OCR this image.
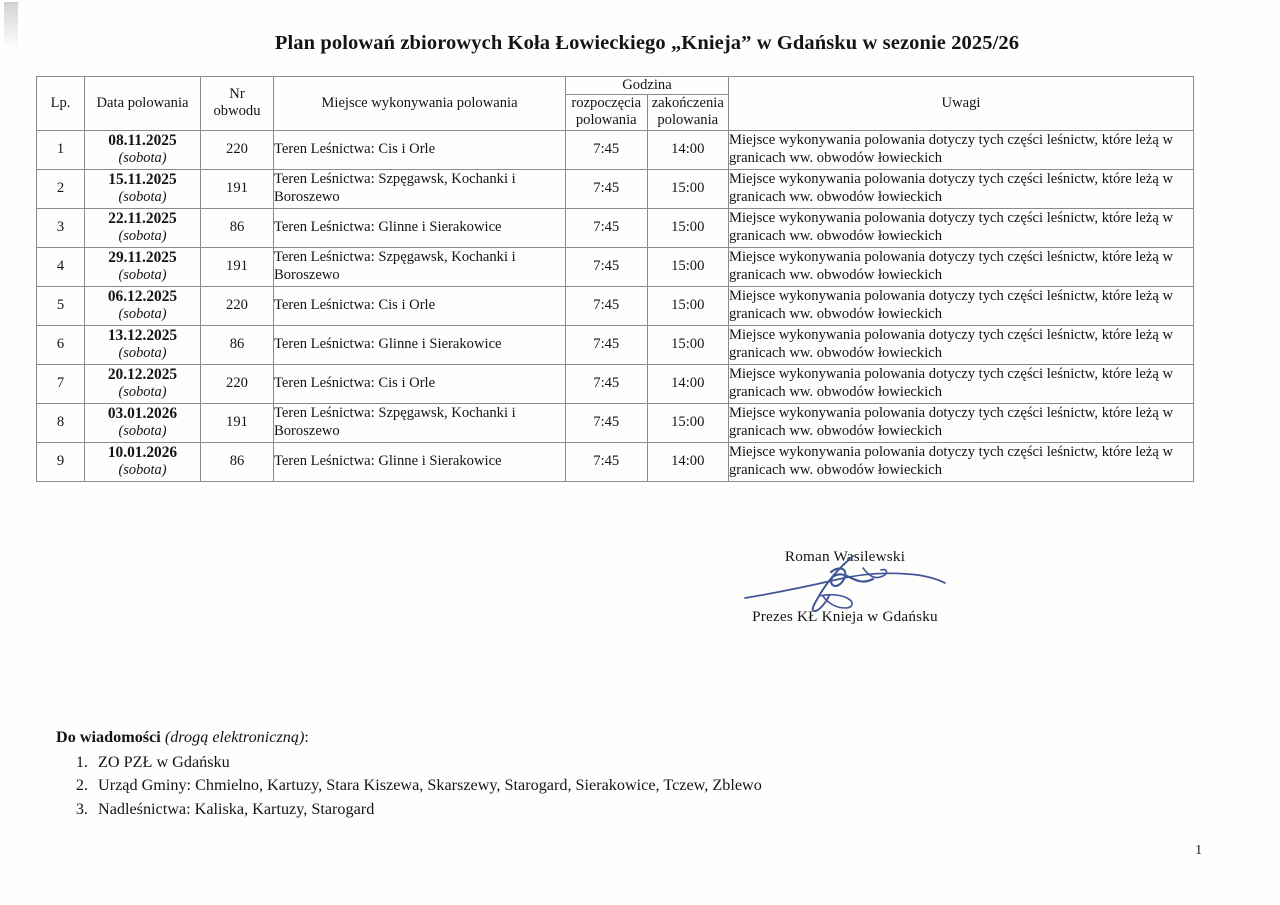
Plan polowań zbiorowych Koła Łowieckiego „Knieja” w Gdańsku w sezonie 2025/26
Lp.	Data polowania	Nr
obwodu	Miejsce wykonywania polowania	Godzina		Uwagi
				rozpoczęcia polowania	zakończenia polowania	
1	08.11.2025
(sobota)	220	Teren Leśnictwa: Cis i Orle	7:45	14:00	Miejsce wykonywania polowania dotyczy tych części leśnictw, które leżą w granicach ww. obwodów łowieckich
2	15.11.2025
(sobota)	191	Teren Leśnictwa: Szpęgawsk, Kochanki i Boroszewo	7:45	15:00	Miejsce wykonywania polowania dotyczy tych części leśnictw, które leżą w granicach ww. obwodów łowieckich
3	22.11.2025
(sobota)	86	Teren Leśnictwa: Glinne i Sierakowice	7:45	15:00	Miejsce wykonywania polowania dotyczy tych części leśnictw, które leżą w granicach ww. obwodów łowieckich
4	29.11.2025
(sobota)	191	Teren Leśnictwa: Szpęgawsk, Kochanki i Boroszewo	7:45	15:00	Miejsce wykonywania polowania dotyczy tych części leśnictw, które leżą w granicach ww. obwodów łowieckich
5	06.12.2025
(sobota)	220	Teren Leśnictwa: Cis i Orle	7:45	15:00	Miejsce wykonywania polowania dotyczy tych części leśnictw, które leżą w granicach ww. obwodów łowieckich
6	13.12.2025
(sobota)	86	Teren Leśnictwa: Glinne i Sierakowice	7:45	15:00	Miejsce wykonywania polowania dotyczy tych części leśnictw, które leżą w granicach ww. obwodów łowieckich
7	20.12.2025
(sobota)	220	Teren Leśnictwa: Cis i Orle	7:45	14:00	Miejsce wykonywania polowania dotyczy tych części leśnictw, które leżą w granicach ww. obwodów łowieckich
8	03.01.2026
(sobota)	191	Teren Leśnictwa: Szpęgawsk, Kochanki i Boroszewo	7:45	15:00	Miejsce wykonywania polowania dotyczy tych części leśnictw, które leżą w granicach ww. obwodów łowieckich
9	10.01.2026
(sobota)	86	Teren Leśnictwa: Glinne i Sierakowice	7:45	14:00	Miejsce wykonywania polowania dotyczy tych części leśnictw, które leżą w granicach ww. obwodów łowieckich
Roman Wasilewski
Prezes KŁ Knieja w Gdańsku
Do wiadomości (drogą elektroniczną):
1. ZO PZŁ w Gdańsku
2. Urząd Gminy: Chmielno, Kartuzy, Stara Kiszewa, Skarszewy, Starogard, Sierakowice, Tczew, Zblewo
3. Nadleśnictwa: Kaliska, Kartuzy, Starogard
1
